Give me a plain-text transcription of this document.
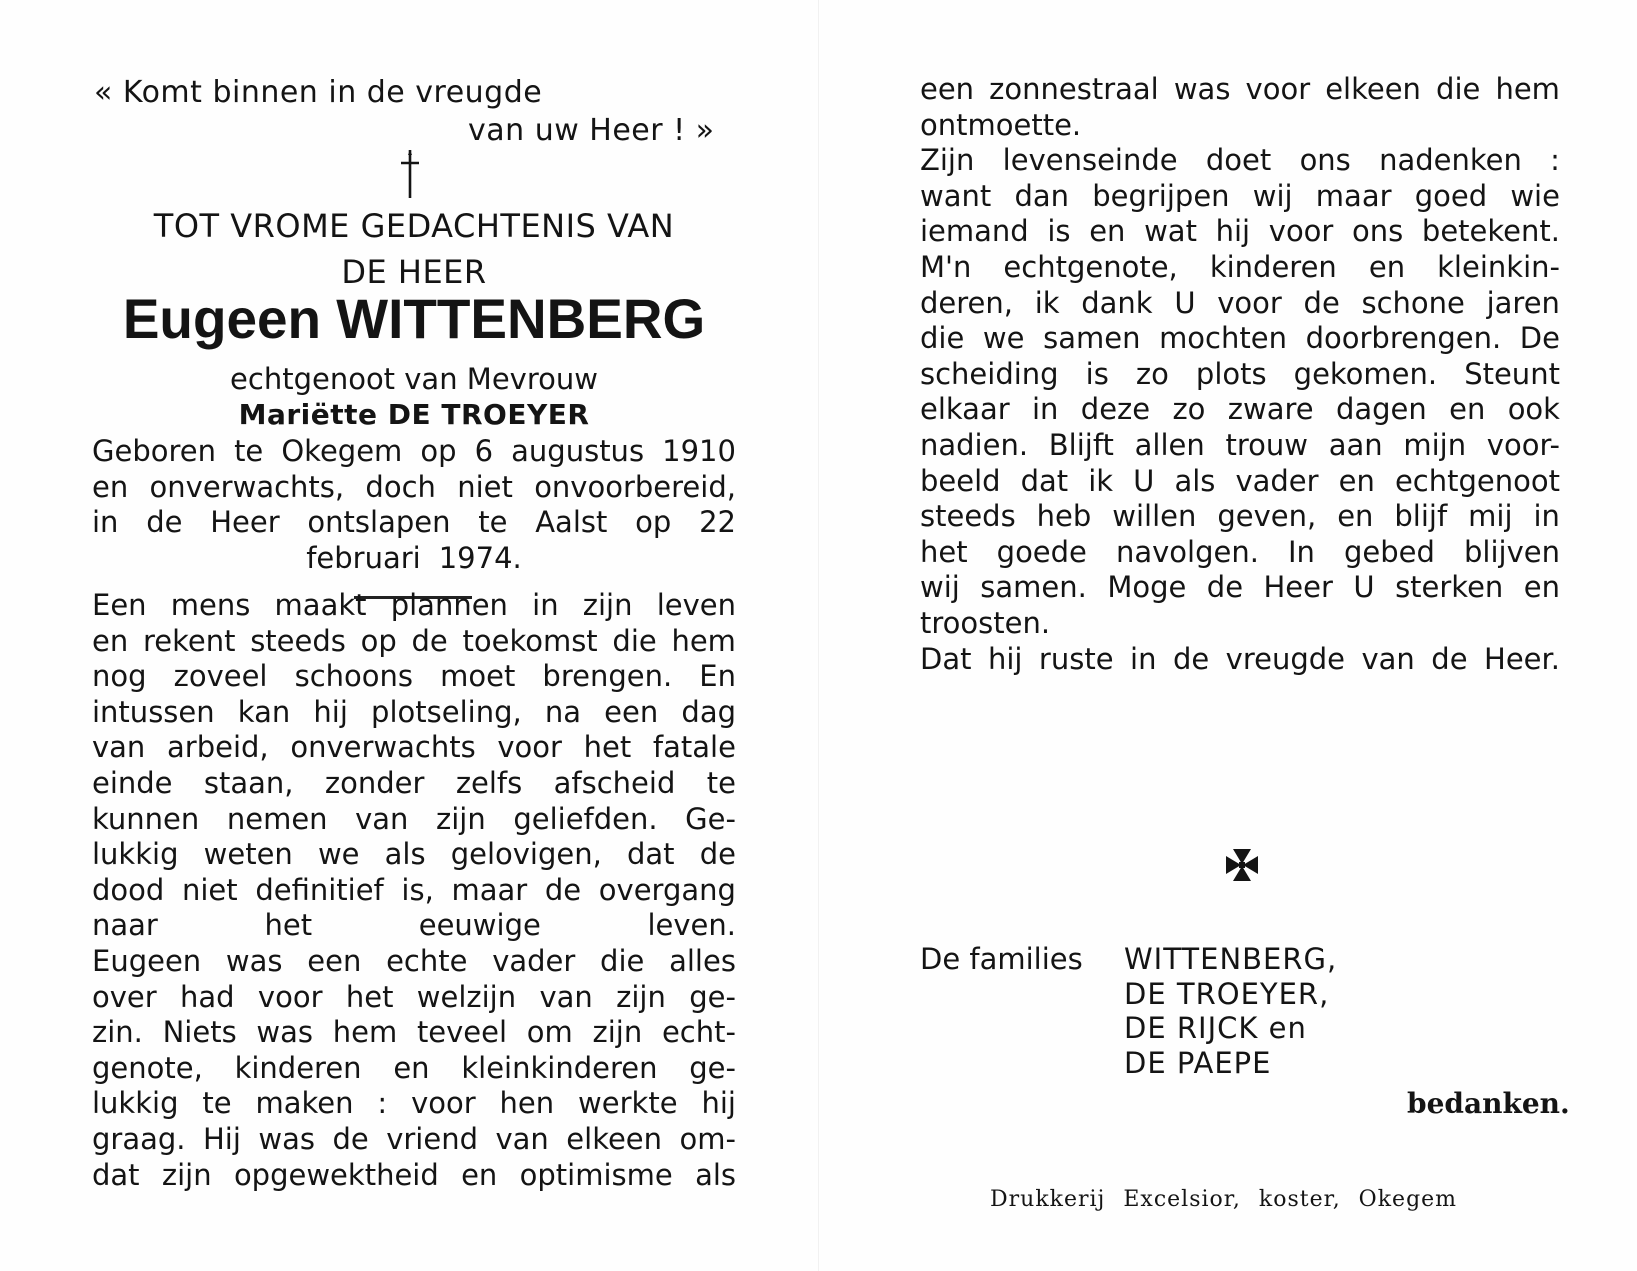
« Komt binnen in de vreugde
van uw Heer ! »
TOT VROME GEDACHTENIS VAN
DE HEER
Eugeen WITTENBERG
echtgenoot van Mevrouw
Mariëtte DE TROEYER
Geboren te Okegem op 6 augustus 1910
en onverwachts, doch niet onvoorbereid,
in de Heer ontslapen te Aalst op 22
februari 1974.
Een mens maakt plannen in zijn leven
en rekent steeds op de toekomst die hem
nog zoveel schoons moet brengen. En
intussen kan hij plotseling, na een dag
van arbeid, onverwachts voor het fatale
einde staan, zonder zelfs afscheid te
kunnen nemen van zijn geliefden. Ge-
lukkig weten we als gelovigen, dat de
dood niet definitief is, maar de overgang
naar het eeuwige leven.
Eugeen was een echte vader die alles
over had voor het welzijn van zijn ge-
zin. Niets was hem teveel om zijn echt-
genote, kinderen en kleinkinderen ge-
lukkig te maken : voor hen werkte hij
graag. Hij was de vriend van elkeen om-
dat zijn opgewektheid en optimisme als
een zonnestraal was voor elkeen die hem
ontmoette.
Zijn levenseinde doet ons nadenken :
want dan begrijpen wij maar goed wie
iemand is en wat hij voor ons betekent.
M'n echtgenote, kinderen en kleinkin-
deren, ik dank U voor de schone jaren
die we samen mochten doorbrengen. De
scheiding is zo plots gekomen. Steunt
elkaar in deze zo zware dagen en ook
nadien. Blijft allen trouw aan mijn voor-
beeld dat ik U als vader en echtgenoot
steeds heb willen geven, en blijf mij in
het goede navolgen. In gebed blijven
wij samen. Moge de Heer U sterken en
troosten.
Dat hij ruste in de vreugde van de Heer.
De families WITTENBERG,
DE TROEYER,
DE RIJCK en
DE PAEPE
bedanken.
Drukkerij Excelsior, koster, Okegem
